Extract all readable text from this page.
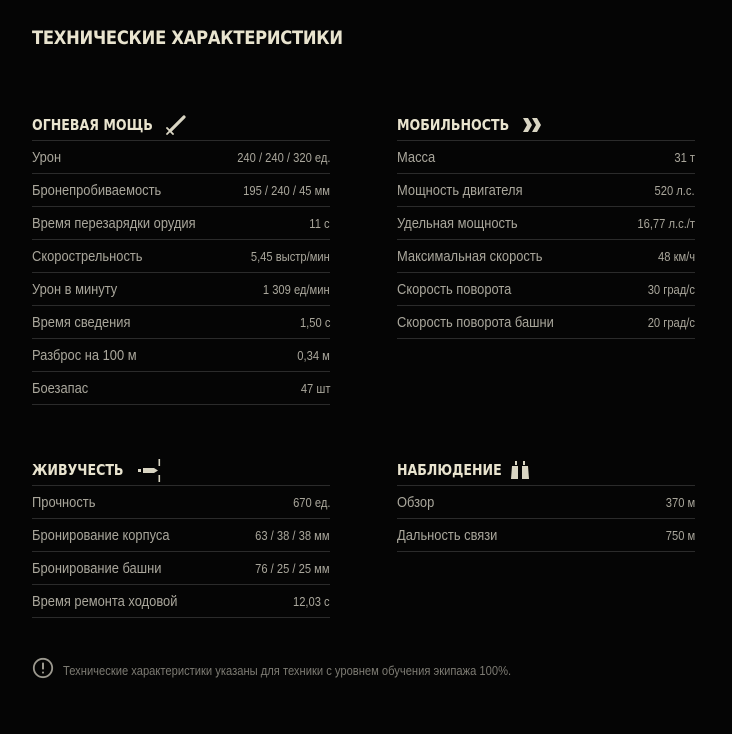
ТЕХНИЧЕСКИЕ ХАРАКТЕРИСТИКИ
ОГНЕВАЯ МОЩЬ
Урон	240 / 240 / 320 ед.
Бронепробиваемость	195 / 240 / 45 мм
Время перезарядки орудия	11 с
Скорострельность	5,45 выстр/мин
Урон в минуту	1 309 ед/мин
Время сведения	1,50 с
Разброс на 100 м	0,34 м
Боезапас	47 шт
МОБИЛЬНОСТЬ
Масса	31 т
Мощность двигателя	520 л.с.
Удельная мощность	16,77 л.с./т
Максимальная скорость	48 км/ч
Скорость поворота	30 град/с
Скорость поворота башни	20 град/с
ЖИВУЧЕСТЬ
Прочность	670 ед.
Бронирование корпуса	63 / 38 / 38 мм
Бронирование башни	76 / 25 / 25 мм
Время ремонта ходовой	12,03 с
НАБЛЮДЕНИЕ
Обзор	370 м
Дальность связи	750 м
Технические характеристики указаны для техники с уровнем обучения экипажа 100%.
